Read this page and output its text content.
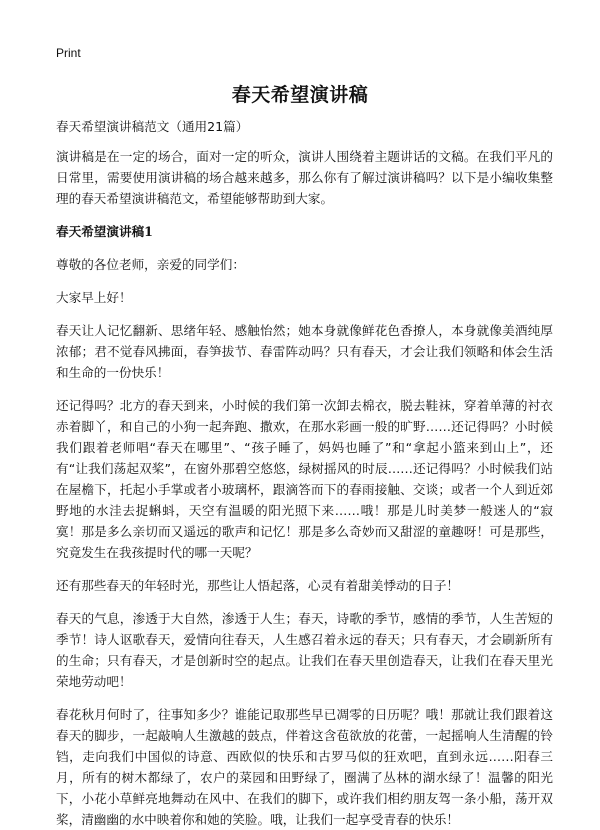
Print
春天希望演讲稿

春天希望演讲稿范文（通用21篇）

演讲稿是在一定的场合，面对一定的听众，演讲人围绕着主题讲话的文稿。在我们平凡的日常里，需要使用演讲稿的场合越来越多，那么你有了解过演讲稿吗？以下是小编收集整理的春天希望演讲稿范文，希望能够帮助到大家。

春天希望演讲稿1

尊敬的各位老师，亲爱的同学们：

大家早上好！

春天让人记忆翻新、思绪年轻、感触怡然；她本身就像鲜花色香撩人，本身就像美酒纯厚浓郁；君不觉春风拂面，春笋拔节、春雷阵动吗？只有春天，才会让我们领略和体会生活和生命的一份快乐！

还记得吗？北方的春天到来，小时候的我们第一次卸去棉衣，脱去鞋袜，穿着单薄的衬衣赤着脚丫，和自己的小狗一起奔跑、撒欢，在那水彩画一般的旷野……还记得吗？小时候我们跟着老师唱“春天在哪里”、“孩子睡了，妈妈也睡了”和“拿起小篮来到山上”，还有“让我们荡起双桨”，在窗外那碧空悠悠，绿树摇风的时辰……还记得吗？小时候我们站在屋檐下，托起小手掌或者小玻璃杯，跟滴答而下的春雨接触、交谈；或者一个人到近郊野地的水洼去捉蝌蚪，天空有温暖的阳光照下来……哦！那是儿时美梦一般迷人的“寂寞！那是多么亲切而又遥远的歌声和记忆！那是多么奇妙而又甜涩的童趣呀！可是那些，究竟发生在我孩提时代的哪一天呢？

还有那些春天的年轻时光，那些让人悟起落，心灵有着甜美悸动的日子！

春天的气息，渗透于大自然，渗透于人生；春天，诗歌的季节，感情的季节，人生苦短的季节！诗人讴歌春天，爱情向往春天，人生感召着永远的春天；只有春天，才会刷新所有的生命；只有春天，才是创新时空的起点。让我们在春天里创造春天，让我们在春天里光荣地劳动吧！

春花秋月何时了，往事知多少？谁能记取那些早已凋零的日历呢？哦！那就让我们跟着这春天的脚步，一起敲响人生激越的鼓点，伴着这含苞欲放的花蕾，一起摇响人生清醒的铃铛，走向我们中国似的诗意、西欧似的快乐和古罗马似的狂欢吧，直到永远……阳春三月，所有的树木都绿了，农户的菜园和田野绿了，圈满了丛林的湖水绿了！温馨的阳光下，小花小草鲜亮地舞动在风中、在我们的脚下，或许我们相约朋友驾一条小船，荡开双桨，清幽幽的水中映着你和她的笑脸。哦，让我们一起享受青春的快乐！
